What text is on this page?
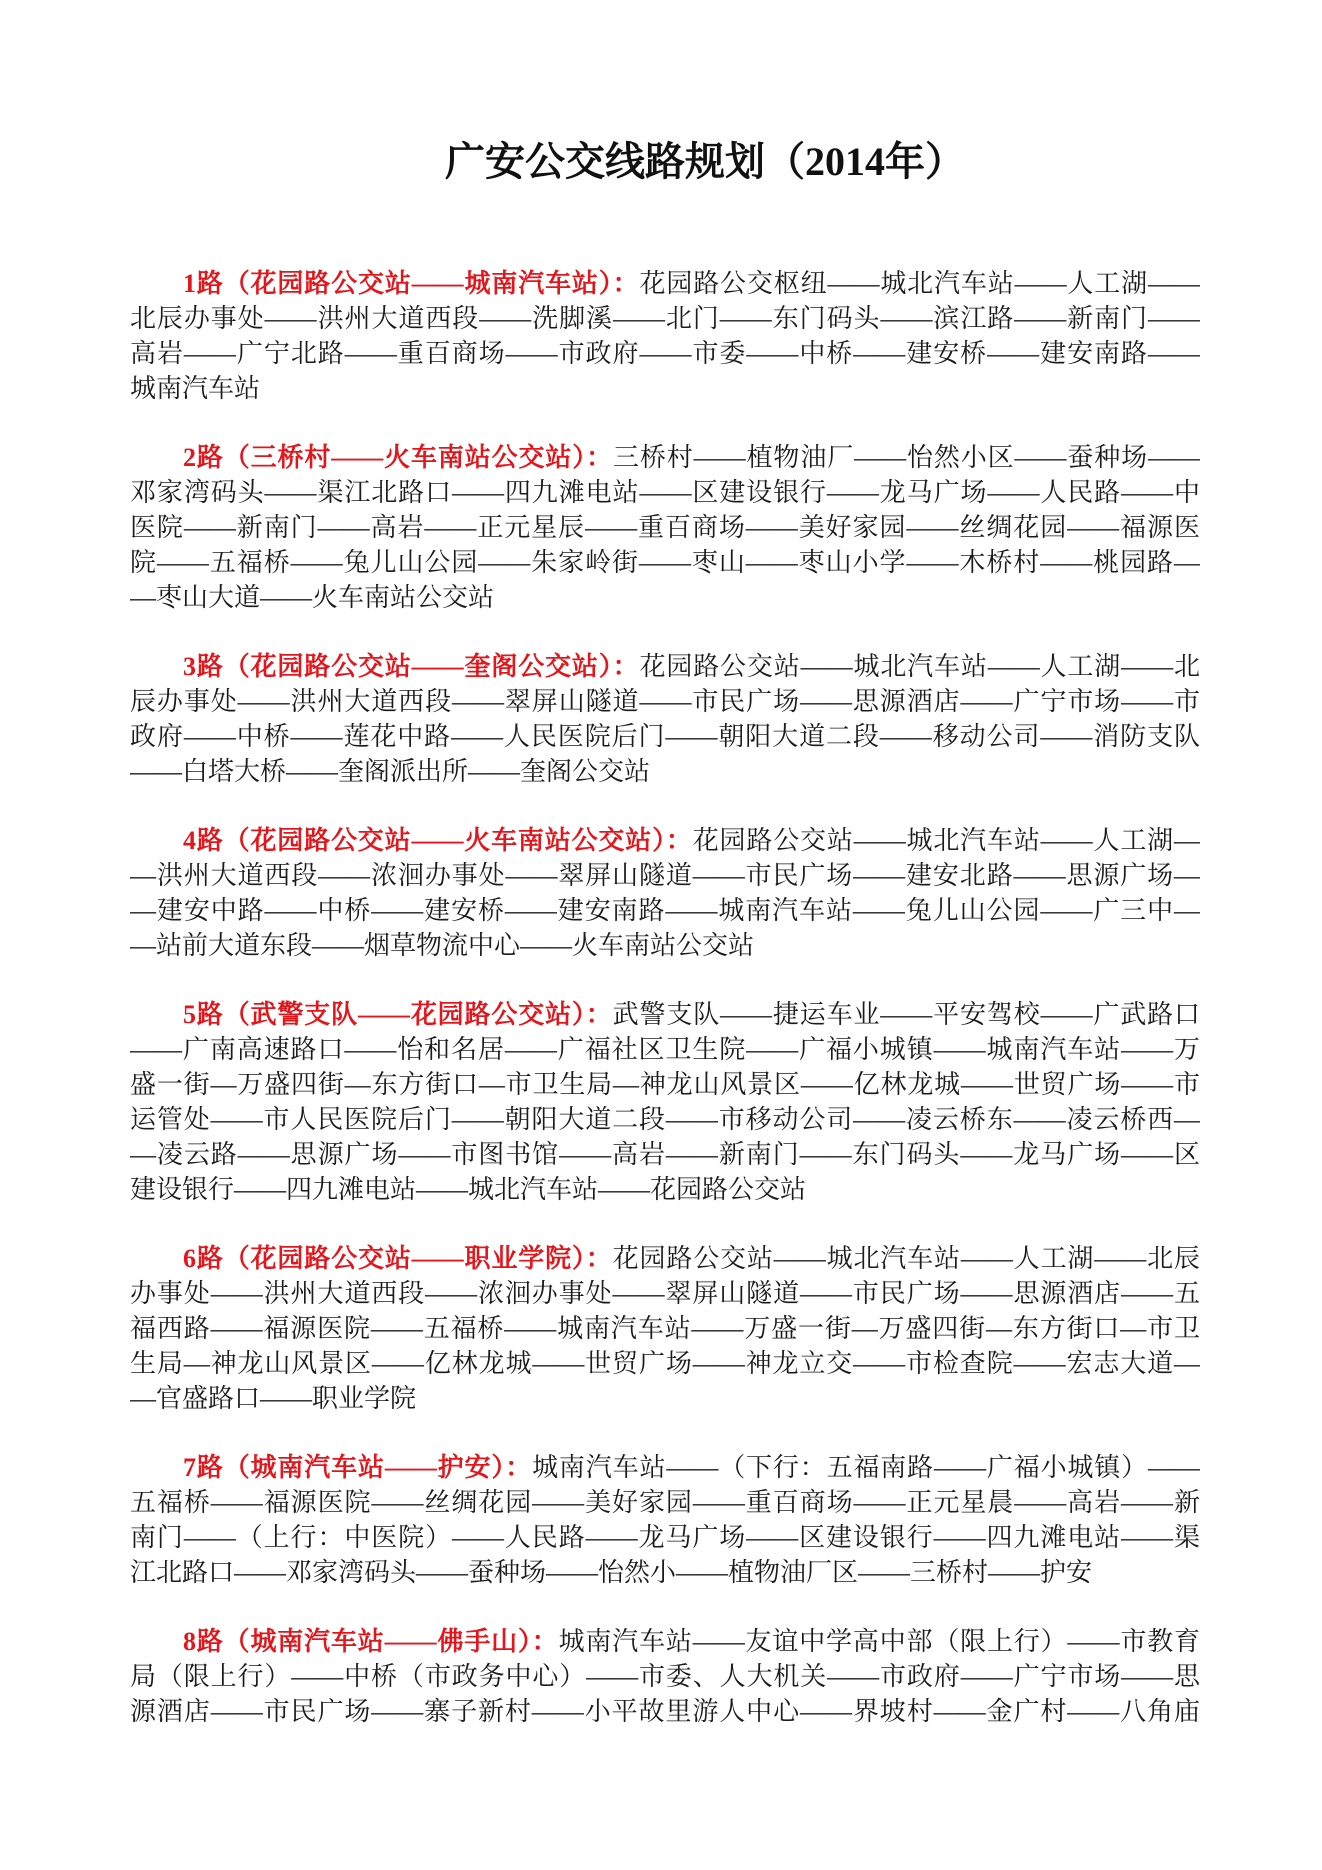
广安公交线路规划（2014年）
1路（花园路公交站——城南汽车站）：花园路公交枢纽——城北汽车站——人工湖——
北辰办事处——洪州大道西段——洗脚溪——北门——东门码头——滨江路——新南门——
高岩——广宁北路——重百商场——市政府——市委——中桥——建安桥——建安南路——
城南汽车站
2路（三桥村——火车南站公交站）：三桥村——植物油厂——怡然小区——蚕种场——
邓家湾码头——渠江北路口——四九滩电站——区建设银行——龙马广场——人民路——中
医院——新南门——高岩——正元星辰——重百商场——美好家园——丝绸花园——福源医
院——五福桥——兔儿山公园——朱家岭街——枣山——枣山小学——木桥村——桃园路—
—枣山大道——火车南站公交站
3路（花园路公交站——奎阁公交站）：花园路公交站——城北汽车站——人工湖——北
辰办事处——洪州大道西段——翠屏山隧道——市民广场——思源酒店——广宁市场——市
政府——中桥——莲花中路——人民医院后门——朝阳大道二段——移动公司——消防支队
——白塔大桥——奎阁派出所——奎阁公交站
4路（花园路公交站——火车南站公交站）：花园路公交站——城北汽车站——人工湖—
—洪州大道西段——浓洄办事处——翠屏山隧道——市民广场——建安北路——思源广场—
—建安中路——中桥——建安桥——建安南路——城南汽车站——兔儿山公园——广三中—
—站前大道东段——烟草物流中心——火车南站公交站
5路（武警支队——花园路公交站）：武警支队——捷运车业——平安驾校——广武路口
——广南高速路口——怡和名居——广福社区卫生院——广福小城镇——城南汽车站——万
盛一街—万盛四街—东方街口—市卫生局—神龙山风景区——亿林龙城——世贸广场——市
运管处——市人民医院后门——朝阳大道二段——市移动公司——凌云桥东——凌云桥西—
—凌云路——思源广场——市图书馆——高岩——新南门——东门码头——龙马广场——区
建设银行——四九滩电站——城北汽车站——花园路公交站
6路（花园路公交站——职业学院）：花园路公交站——城北汽车站——人工湖——北辰
办事处——洪州大道西段——浓洄办事处——翠屏山隧道——市民广场——思源酒店——五
福西路——福源医院——五福桥——城南汽车站——万盛一街—万盛四街—东方街口—市卫
生局—神龙山风景区——亿林龙城——世贸广场——神龙立交——市检查院——宏志大道—
—官盛路口——职业学院
7路（城南汽车站——护安）：城南汽车站——（下行：五福南路——广福小城镇）——
五福桥——福源医院——丝绸花园——美好家园——重百商场——正元星晨——高岩——新
南门——（上行：中医院）——人民路——龙马广场——区建设银行——四九滩电站——渠
江北路口——邓家湾码头——蚕种场——怡然小——植物油厂区——三桥村——护安
8路（城南汽车站——佛手山）：城南汽车站——友谊中学高中部（限上行）——市教育
局（限上行）——中桥（市政务中心）——市委、人大机关——市政府——广宁市场——思
源酒店——市民广场——寨子新村——小平故里游人中心——界坡村——金广村——八角庙
